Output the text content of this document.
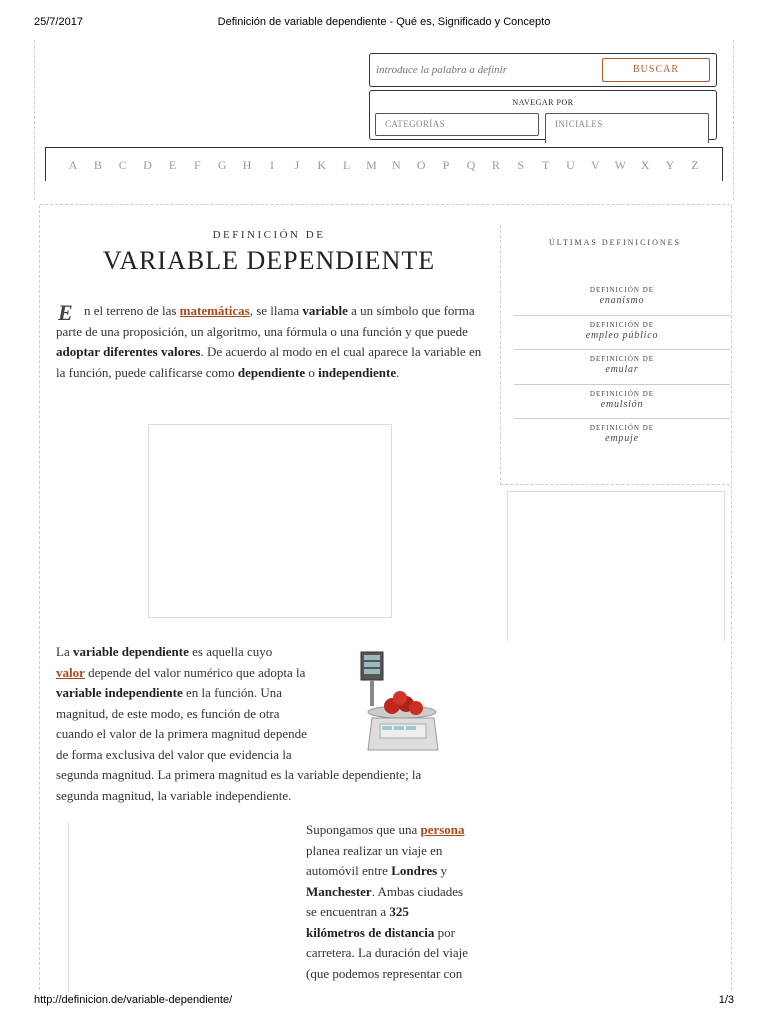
25/7/2017	Definición de variable dependiente - Qué es, Significado y Concepto
http://definicion.de/variable-dependiente/	1/3
introduce la palabra a definir
BUSCAR
NAVEGAR POR
CATEGORÍAS	INICIALES
A B C D E	F	G H	I	J	K L M N O	P	Q R	S	T U V W X Y Z
DEFINICIÓN DE
VARIABLE DEPENDIENTE
E n el terreno de las matemáticas, se llama variable a un símbolo que forma parte de una proposición, un algoritmo, una fórmula o una función y que puede adoptar diferentes valores. De acuerdo al modo en el cual aparece la variable en la función, puede calificarse como dependiente o independiente.
La variable dependiente es aquella cuyo
valor depende del valor numérico que adopta la
variable independiente en la función. Una
magnitud, de este modo, es función de otra
cuando el valor de la primera magnitud depende
de forma exclusiva del valor que evidencia la
segunda magnitud. La primera magnitud es la variable dependiente; la
segunda magnitud, la variable independiente.
Supongamos que una persona
planea realizar un viaje en
automóvil entre Londres y
Manchester. Ambas ciudades
se encuentran a 325
kilómetros de distancia por
carretera. La duración del viaje
(que podemos representar con
ÚLTIMAS DEFINICIONES
DEFINICIÓN DE
enanismo
DEFINICIÓN DE
empleo público
DEFINICIÓN DE
emular
DEFINICIÓN DE
emulsión
DEFINICIÓN DE
empuje
